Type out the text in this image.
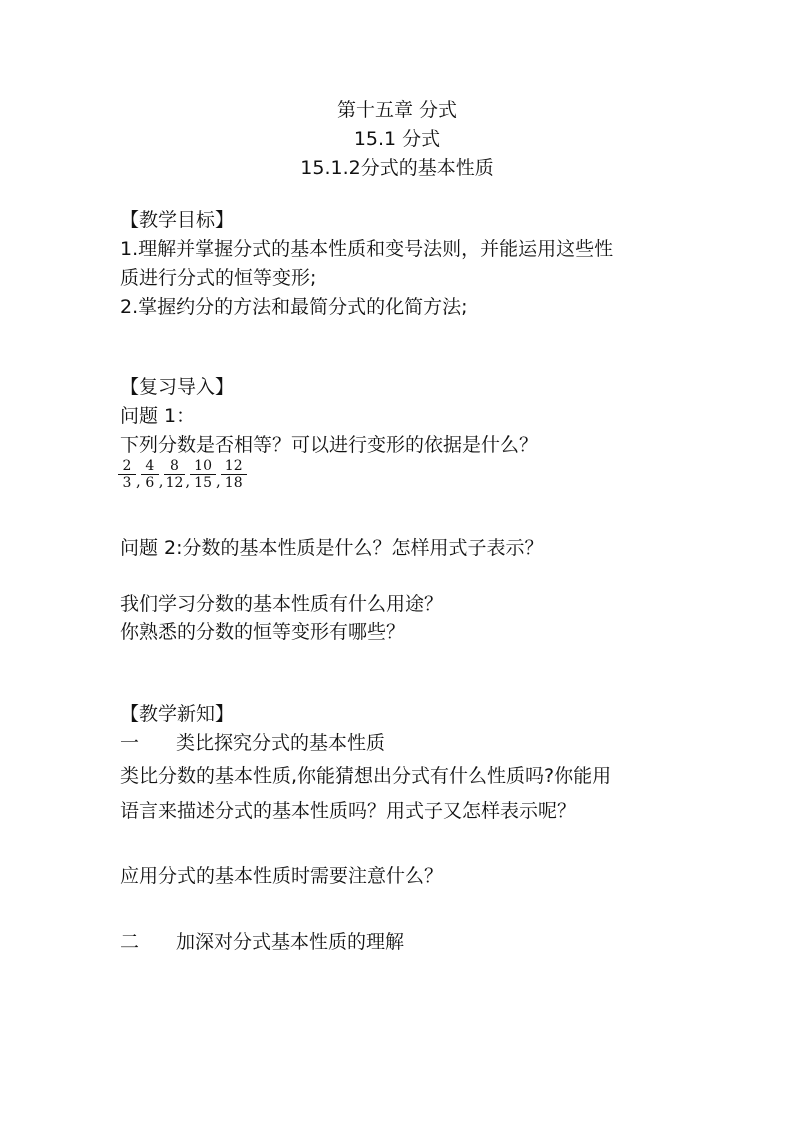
第十五章 分式
15.1 分式
15.1.2分式的基本性质
【教学目标】
1.理解并掌握分式的基本性质和变号法则，并能运用这些性
质进行分式的恒等变形;
2.掌握约分的方法和最简分式的化简方法;
【复习导入】
问题 1：
下列分数是否相等？可以进行变形的依据是什么？
$\frac{2}{3}$ , $\frac{4}{6}$ , $\frac{8}{12}$ , $\frac{10}{15}$ , $\frac{12}{18}$
问题 2:分数的基本性质是什么？怎样用式子表示？
我们学习分数的基本性质有什么用途？
你熟悉的分数的恒等变形有哪些？
【教学新知】
一 类比探究分式的基本性质
类比分数的基本性质,你能猜想出分式有什么性质吗?你能用
语言来描述分式的基本性质吗？用式子又怎样表示呢？
应用分式的基本性质时需要注意什么？
二 加深对分式基本性质的理解
